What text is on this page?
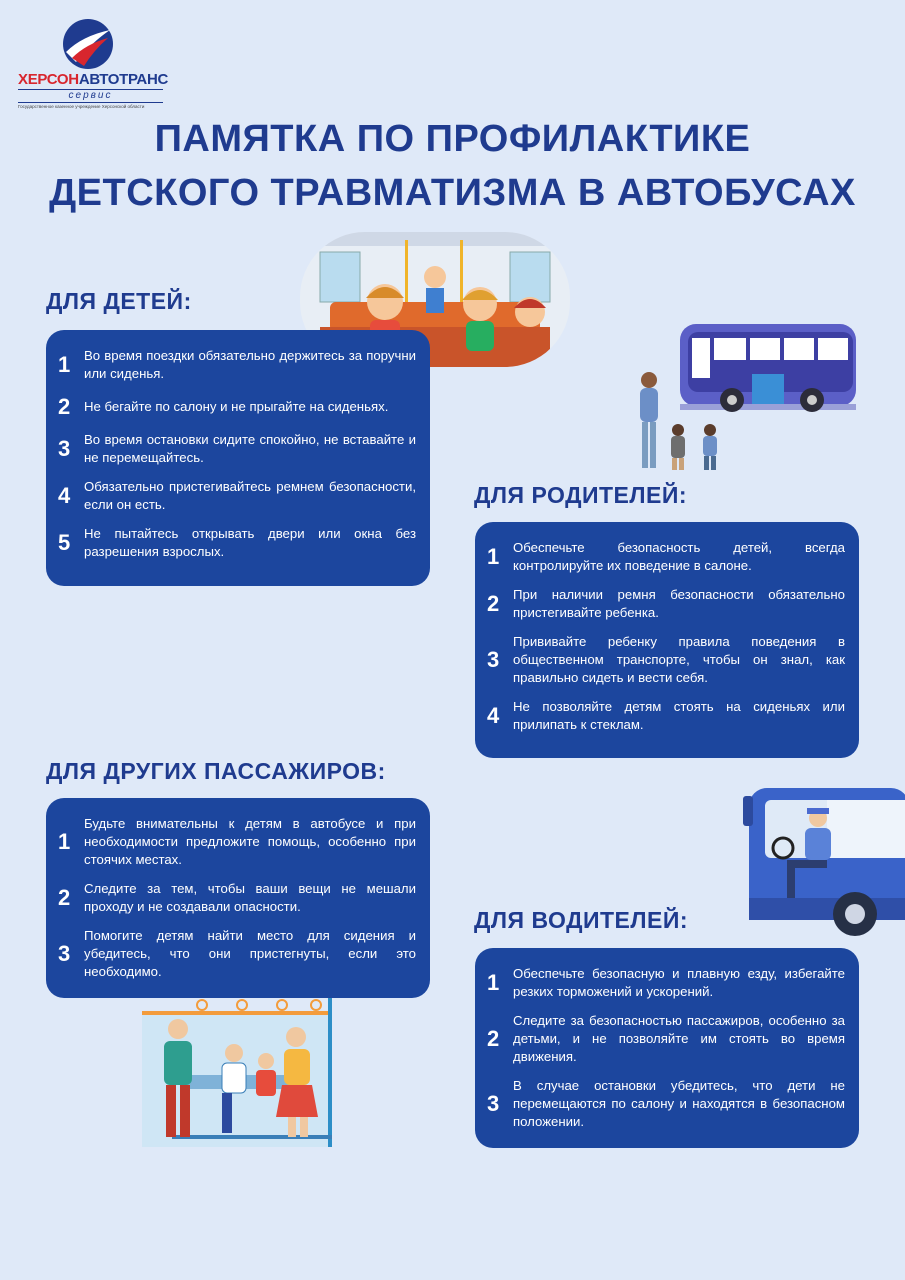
ХЕРСОНАВТОТРАНС
сервис
Государственное казенное учреждение Херсонской области
ПАМЯТКА ПО ПРОФИЛАКТИКЕ
ДЕТСКОГО ТРАВМАТИЗМА В АВТОБУСАХ
ДЛЯ ДЕТЕЙ:
1	Во время поездки обязательно держитесь за поручни или сиденья.
2	Не бегайте по салону и не прыгайте на сиденьях.
3	Во время остановки сидите спокойно, не вставайте и не перемещайтесь.
4	Обязательно пристегивайтесь ремнем безопасности, если он есть.
5	Не пытайтесь открывать двери или окна без разрешения взрослых.
ДЛЯ РОДИТЕЛЕЙ:
1	Обеспечьте безопасность детей, всегда контролируйте их поведение в салоне.
2	При наличии ремня безопасности обязательно пристегивайте ребенка.
3
Прививайте ребенку правила поведения в общественном транспорте, чтобы он знал, как правильно сидеть и вести себя.
4	Не позволяйте детям стоять на сиденьях или прилипать к стеклам.
ДЛЯ ДРУГИХ ПАССАЖИРОВ:
1
Будьте внимательны к детям в автобусе и при необходимости предложите помощь, особенно при стоячих местах.
2	Следите за тем, чтобы ваши вещи не мешали проходу и не создавали опасности.
3
Помогите детям найти место для сидения и убедитесь, что они пристегнуты, если это необходимо.
ДЛЯ ВОДИТЕЛЕЙ:
1	Обеспечьте безопасную и плавную езду, избегайте резких торможений и ускорений.
2
Следите за безопасностью пассажиров, особенно за детьми, и не позволяйте им стоять во время движения.
3
В случае остановки убедитесь, что дети не перемещаются по салону и находятся в безопасном положении.
